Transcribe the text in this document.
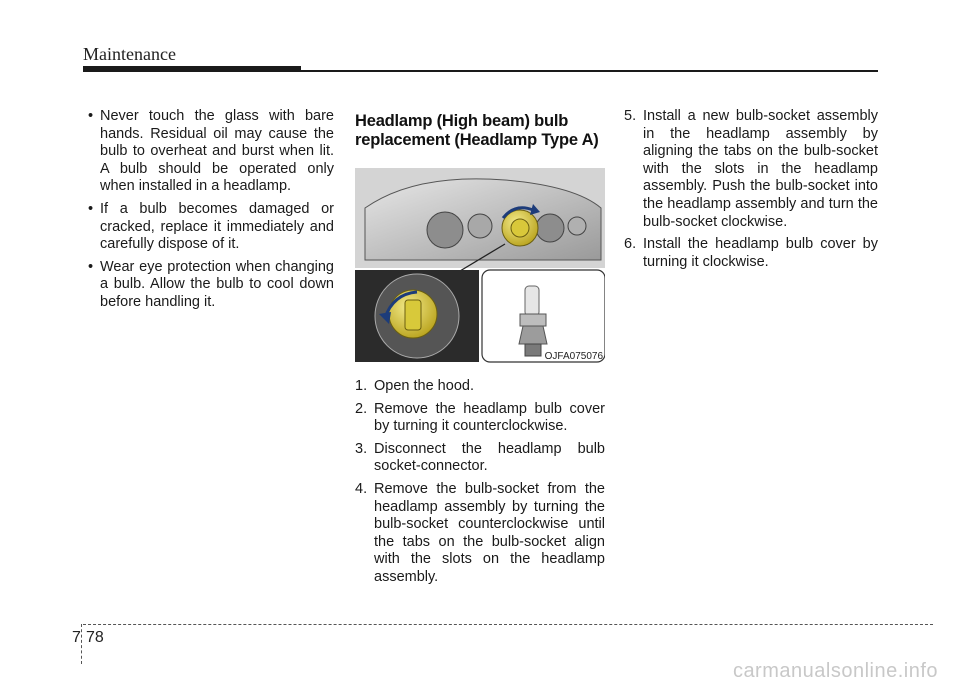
Maintenance
• Never touch the glass with bare hands. Residual oil may cause the bulb to overheat and burst when lit. A bulb should be operated only when installed in a headlamp.
• If a bulb becomes damaged or cracked, replace it immediately and carefully dispose of it.
• Wear eye protection when changing a bulb. Allow the bulb to cool down before handling it.
Headlamp (High beam) bulb replacement (Headlamp Type A)
OJFA075076
1. Open the hood.
2. Remove the headlamp bulb cover by turning it counterclockwise.
3. Disconnect the headlamp bulb socket-connector.
4. Remove the bulb-socket from the headlamp assembly by turning the bulb-socket counterclockwise until the tabs on the bulb-socket align with the slots on the headlamp assembly.
5. Install a new bulb-socket assembly in the headlamp assembly by aligning the tabs on the bulb-socket with the slots in the headlamp assembly. Push the bulb-socket into the headlamp assembly and turn the bulb-socket clockwise.
6. Install the headlamp bulb cover by turning it clockwise.
7 78
carmanualsonline.info
